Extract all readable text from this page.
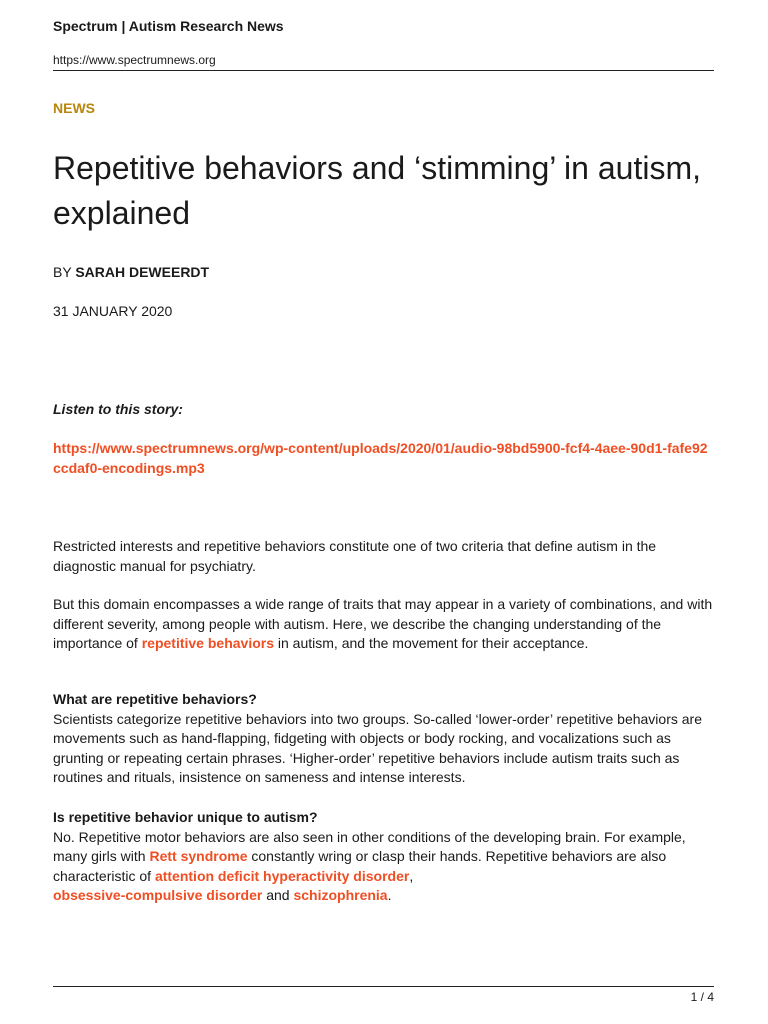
Spectrum | Autism Research News
https://www.spectrumnews.org
NEWS
Repetitive behaviors and ‘stimming’ in autism, explained
BY SARAH DEWEERDT
31 JANUARY 2020
Listen to this story:
https://www.spectrumnews.org/wp-content/uploads/2020/01/audio-98bd5900-fcf4-4aee-90d1-fafe92ccdaf0-encodings.mp3

Restricted interests and repetitive behaviors constitute one of two criteria that define autism in the diagnostic manual for psychiatry.

But this domain encompasses a wide range of traits that may appear in a variety of combinations, and with different severity, among people with autism. Here, we describe the changing understanding of the importance of repetitive behaviors in autism, and the movement for their acceptance.

What are repetitive behaviors?
Scientists categorize repetitive behaviors into two groups. So-called ‘lower-order’ repetitive behaviors are movements such as hand-flapping, fidgeting with objects or body rocking, and vocalizations such as grunting or repeating certain phrases. ‘Higher-order’ repetitive behaviors include autism traits such as routines and rituals, insistence on sameness and intense interests.

Is repetitive behavior unique to autism?
No. Repetitive motor behaviors are also seen in other conditions of the developing brain. For example, many girls with Rett syndrome constantly wring or clasp their hands. Repetitive behaviors are also characteristic of attention deficit hyperactivity disorder,
obsessive-compulsive disorder and schizophrenia.

1 / 4
